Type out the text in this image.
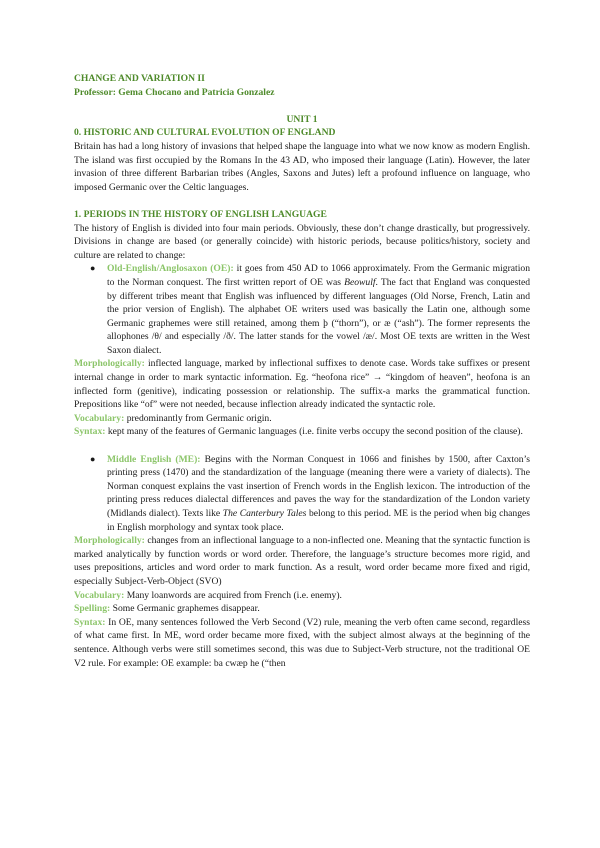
CHANGE AND VARIATION II

Professor: Gema Chocano and Patricia Gonzalez

UNIT 1

0. HISTORIC AND CULTURAL EVOLUTION OF ENGLAND

Britain has had a long history of invasions that helped shape the language into what we now know as modern English. The island was first occupied by the Romans In the 43 AD, who imposed their language (Latin). However, the later invasion of three different Barbarian tribes (Angles, Saxons and Jutes) left a profound influence on language, who imposed Germanic over the Celtic languages.

1. PERIODS IN THE HISTORY OF ENGLISH LANGUAGE

The history of English is divided into four main periods. Obviously, these don’t change drastically, but progressively. Divisions in change are based (or generally coincide) with historic periods, because politics/history, society and culture are related to change:

● Old-English/Anglosaxon (OE): it goes from 450 AD to 1066 approximately. From the Germanic migration to the Norman conquest. The first written report of OE was Beowulf. The fact that England was conquested by different tribes meant that English was influenced by different languages (Old Norse, French, Latin and the prior version of English). The alphabet OE writers used was basically the Latin one, although some Germanic graphemes were still retained, among them þ (“thorn”), or æ (“ash”). The former represents the allophones /θ/ and especially /ð/. The latter stands for the vowel /æ/. Most OE texts are written in the West Saxon dialect.

Morphologically: inflected language, marked by inflectional suffixes to denote case. Words take suffixes or present internal change in order to mark syntactic information. Eg. “heofona rice” → “kingdom of heaven”, heofona is an inflected form (genitive), indicating possession or relationship. The suffix-a marks the grammatical function. Prepositions like “of” were not needed, because inflection already indicated the syntactic role.

Vocabulary: predominantly from Germanic origin.

Syntax: kept many of the features of Germanic languages (i.e. finite verbs occupy the second position of the clause).

● Middle English (ME): Begins with the Norman Conquest in 1066 and finishes by 1500, after Caxton’s printing press (1470) and the standardization of the language (meaning there were a variety of dialects). The Norman conquest explains the vast insertion of French words in the English lexicon. The introduction of the printing press reduces dialectal differences and paves the way for the standardization of the London variety (Midlands dialect). Texts like The Canterbury Tales belong to this period. ME is the period when big changes in English morphology and syntax took place.

Morphologically: changes from an inflectional language to a non-inflected one. Meaning that the syntactic function is marked analytically by function words or word order. Therefore, the language’s structure becomes more rigid, and uses prepositions, articles and word order to mark function. As a result, word order became more fixed and rigid, especially Subject-Verb-Object (SVO)

Vocabulary: Many loanwords are acquired from French (i.e. enemy).

Spelling: Some Germanic graphemes disappear.

Syntax: In OE, many sentences followed the Verb Second (V2) rule, meaning the verb often came second, regardless of what came first. In ME, word order became more fixed, with the subject almost always at the beginning of the sentence. Although verbs were still sometimes second, this was due to Subject-Verb structure, not the traditional OE V2 rule. For example: OE example: ba cwæp he (“then
